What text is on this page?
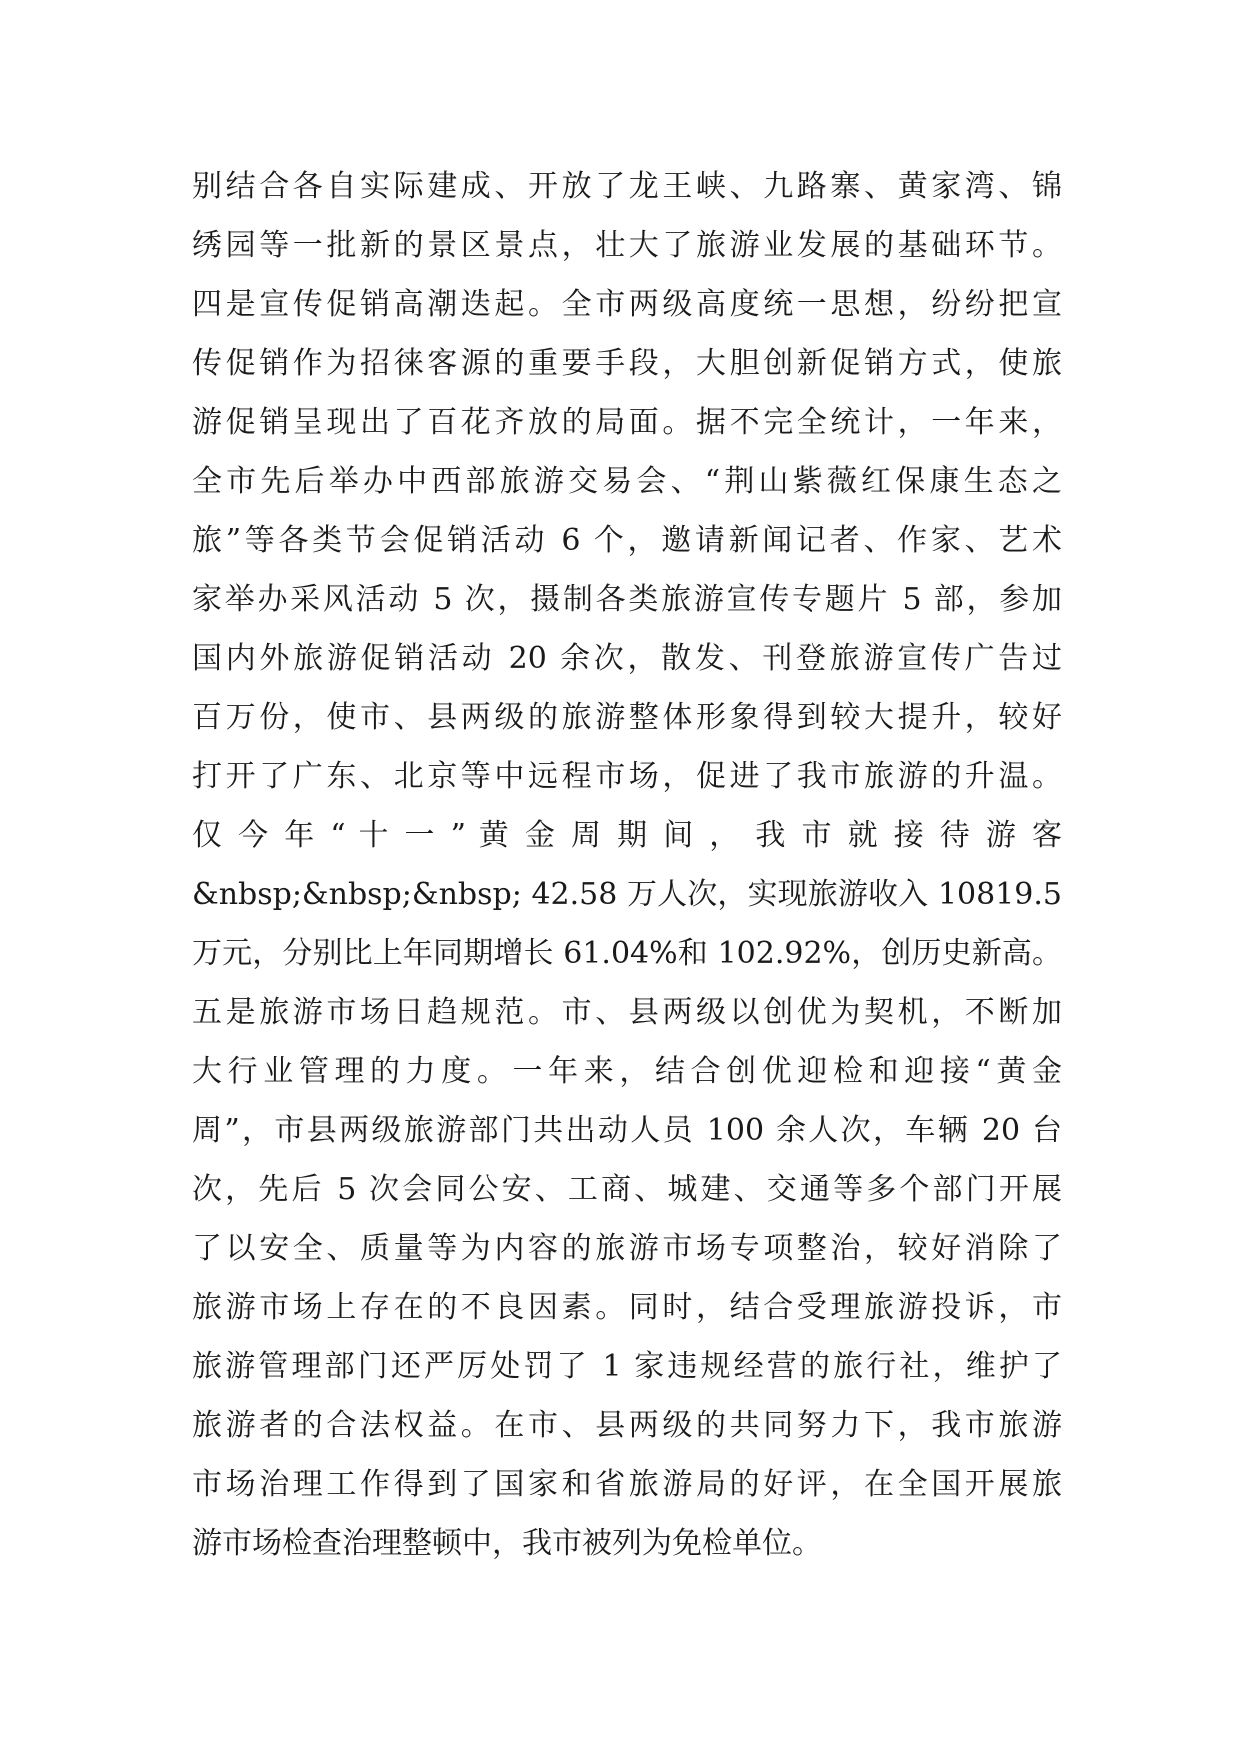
别结合各自实际建成、开放了龙王峡、九路寨、黄家湾、锦
绣园等一批新的景区景点，壮大了旅游业发展的基础环节。
四是宣传促销高潮迭起。全市两级高度统一思想，纷纷把宣
传促销作为招徕客源的重要手段，大胆创新促销方式，使旅
游促销呈现出了百花齐放的局面。据不完全统计，一年来，
全市先后举办中西部旅游交易会、“荆山紫薇红保康生态之
旅”等各类节会促销活动 6 个，邀请新闻记者、作家、艺术
家举办采风活动 5 次，摄制各类旅游宣传专题片 5 部，参加
国内外旅游促销活动 20 余次，散发、刊登旅游宣传广告过
百万份，使市、县两级的旅游整体形象得到较大提升，较好
打开了广东、北京等中远程市场，促进了我市旅游的升温。
仅 今 年 “ 十 一 ” 黄 金 周 期 间 ， 我 市 就 接 待 游 客
&nbsp;&nbsp;&nbsp; 42.58 万人次，实现旅游收入 10819.5
万元，分别比上年同期增长 61.04%和 102.92%，创历史新高。
五是旅游市场日趋规范。市、县两级以创优为契机，不断加
大行业管理的力度。一年来，结合创优迎检和迎接“黄金
周”，市县两级旅游部门共出动人员 100 余人次，车辆 20 台
次，先后 5 次会同公安、工商、城建、交通等多个部门开展
了以安全、质量等为内容的旅游市场专项整治，较好消除了
旅游市场上存在的不良因素。同时，结合受理旅游投诉，市
旅游管理部门还严厉处罚了 1 家违规经营的旅行社，维护了
旅游者的合法权益。在市、县两级的共同努力下，我市旅游
市场治理工作得到了国家和省旅游局的好评，在全国开展旅
游市场检查治理整顿中，我市被列为免检单位。
